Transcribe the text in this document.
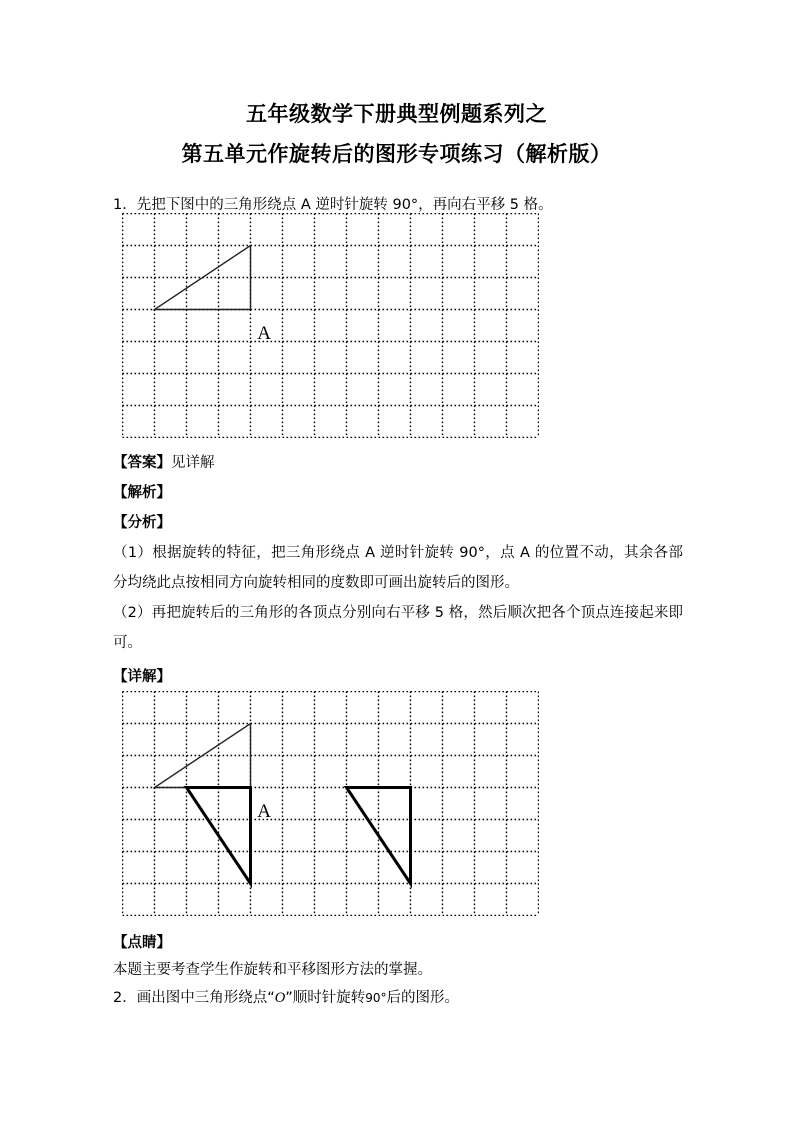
五年级数学下册典型例题系列之
第五单元作旋转后的图形专项练习（解析版）
1．先把下图中的三角形绕点 A 逆时针旋转 90°，再向右平移 5 格。
A
【答案】见详解
【解析】
【分析】
（1）根据旋转的特征，把三角形绕点 A 逆时针旋转 90°，点 A 的位置不动，其余各部分均绕此点按相同方向旋转相同的度数即可画出旋转后的图形。
（2）再把旋转后的三角形的各顶点分别向右平移 5 格，然后顺次把各个顶点连接起来即可。
【详解】
A
【点睛】
本题主要考查学生作旋转和平移图形方法的掌握。
2．画出图中三角形绕点“O”顺时针旋转90°后的图形。
